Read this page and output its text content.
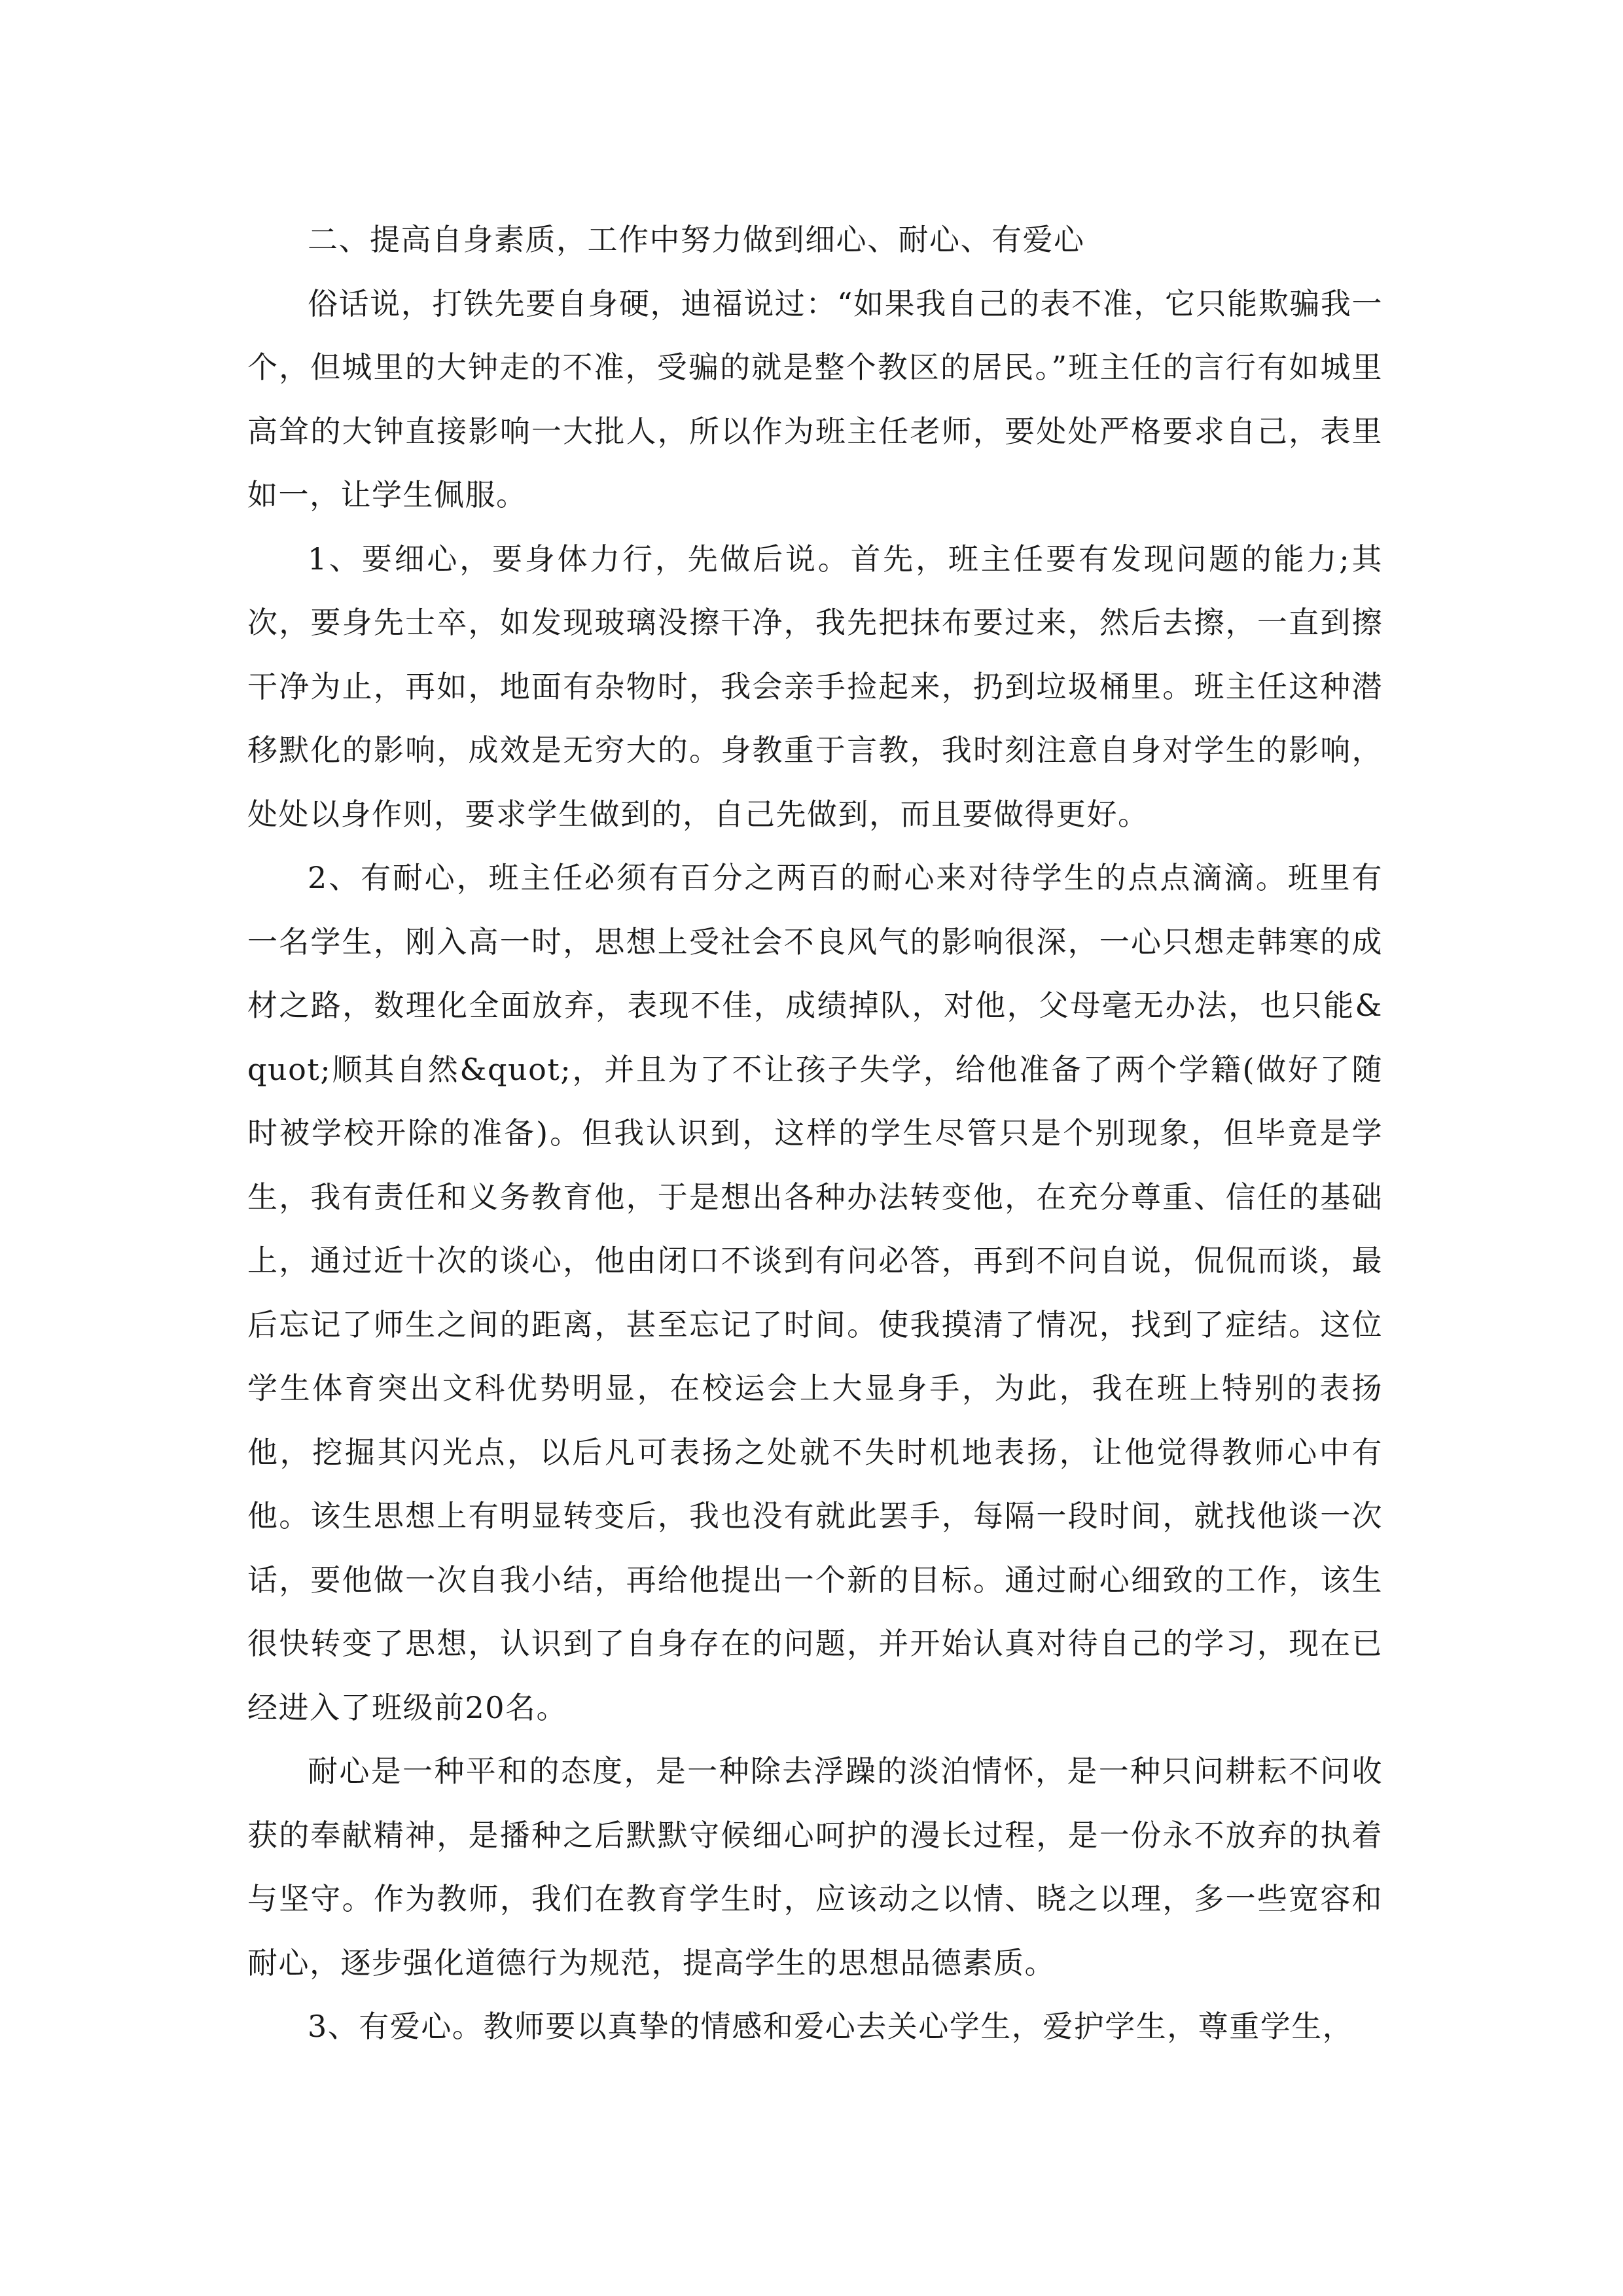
二、提高自身素质，工作中努力做到细心、耐心、有爱心

俗话说，打铁先要自身硬，迪福说过：“如果我自己的表不准，它只能欺骗我一个，但城里的大钟走的不准，受骗的就是整个教区的居民。”班主任的言行有如城里高耸的大钟直接影响一大批人，所以作为班主任老师，要处处严格要求自己，表里如一，让学生佩服。

1、要细心，要身体力行，先做后说。首先，班主任要有发现问题的能力;其次，要身先士卒，如发现玻璃没擦干净，我先把抹布要过来，然后去擦，一直到擦干净为止，再如，地面有杂物时，我会亲手捡起来，扔到垃圾桶里。班主任这种潜移默化的影响，成效是无穷大的。身教重于言教，我时刻注意自身对学生的影响，处处以身作则，要求学生做到的，自己先做到，而且要做得更好。

2、有耐心，班主任必须有百分之两百的耐心来对待学生的点点滴滴。班里有一名学生，刚入高一时，思想上受社会不良风气的影响很深，一心只想走韩寒的成材之路，数理化全面放弃，表现不佳，成绩掉队，对他，父母毫无办法，也只能&quot;顺其自然&quot;，并且为了不让孩子失学，给他准备了两个学籍(做好了随时被学校开除的准备)。但我认识到，这样的学生尽管只是个别现象，但毕竟是学生，我有责任和义务教育他，于是想出各种办法转变他，在充分尊重、信任的基础上，通过近十次的谈心，他由闭口不谈到有问必答，再到不问自说，侃侃而谈，最后忘记了师生之间的距离，甚至忘记了时间。使我摸清了情况，找到了症结。这位学生体育突出文科优势明显，在校运会上大显身手，为此，我在班上特别的表扬他，挖掘其闪光点，以后凡可表扬之处就不失时机地表扬，让他觉得教师心中有他。该生思想上有明显转变后，我也没有就此罢手，每隔一段时间，就找他谈一次话，要他做一次自我小结，再给他提出一个新的目标。通过耐心细致的工作，该生很快转变了思想，认识到了自身存在的问题，并开始认真对待自己的学习，现在已经进入了班级前20名。

耐心是一种平和的态度，是一种除去浮躁的淡泊情怀，是一种只问耕耘不问收获的奉献精神，是播种之后默默守候细心呵护的漫长过程，是一份永不放弃的执着与坚守。作为教师，我们在教育学生时，应该动之以情、晓之以理，多一些宽容和耐心，逐步强化道德行为规范，提高学生的思想品德素质。

3、有爱心。教师要以真挚的情感和爱心去关心学生，爱护学生，尊重学生，
